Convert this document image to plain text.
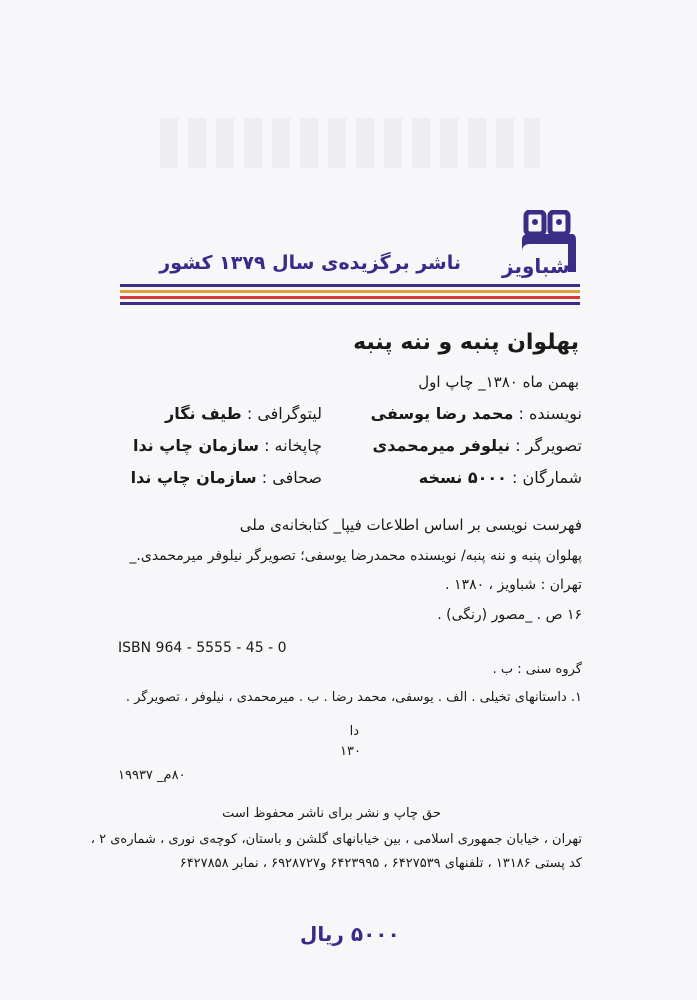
شباویز
ناشر برگزیده‌ی سال ۱۳۷۹ کشور
پهلوان پنبه و ننه پنبه
بهمن ماه ۱۳۸۰_ چاپ اول
نویسنده : محمد رضا یوسفی
تصویرگر : نیلوفر میرمحمدی
شمارگان : ۵۰۰۰ نسخه
لیتوگرافی : طیف نگار
چاپخانه : سازمان چاپ ندا
صحافی : سازمان چاپ ندا
فهرست نویسی بر اساس اطلاعات فیپا_ کتابخانه‌ی ملی
پهلوان پنبه و ننه پنبه/ نویسنده محمدرضا یوسفی؛ تصویرگر نیلوفر میرمحمدی._
تهران : شباویز ، ۱۳۸۰ .
۱۶ ص . _مصور (رنگی) .
ISBN 964 - 5555 - 45 - 0
گروه سنی : ب .
۱. داستانهای تخیلی . الف . یوسفی، محمد رضا . ب . میرمحمدی ، نیلوفر ، تصویرگر .
دا
۱۳۰
۸۰م_ ۱۹۹۳۷
حق چاپ و نشر برای ناشر محفوظ است
تهران ، خیابان جمهوری اسلامی ، بین خیابانهای گلشن و باستان، کوچه‌ی نوری ، شماره‌ی ۲ ،
کد پستی ۱۳۱۸۶ ، تلفنهای ۶۴۲۷۵۳۹ ، ۶۴۲۳۹۹۵ و۶۹۲۸۷۲۷ ، نمابر ۶۴۲۷۸۵۸
۵۰۰۰ ریال
